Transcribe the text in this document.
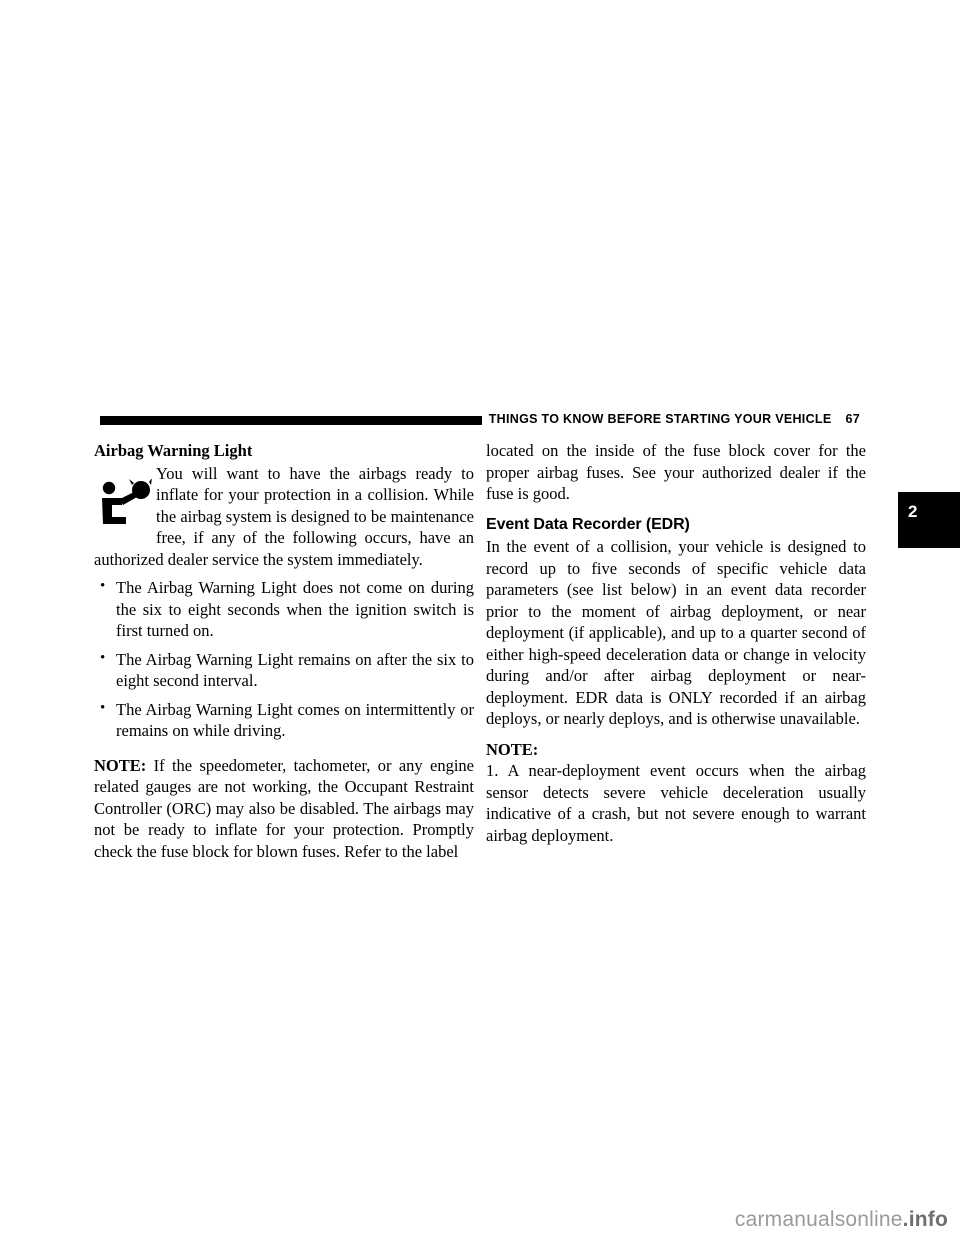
THINGS TO KNOW BEFORE STARTING YOUR VEHICLE 67
2
Airbag Warning Light

You will want to have the airbags ready to inflate for your protection in a collision. While the airbag system is designed to be maintenance free, if any of the following occurs, have an authorized dealer service the system immediately.

• The Airbag Warning Light does not come on during the six to eight seconds when the ignition switch is first turned on.
• The Airbag Warning Light remains on after the six to eight second interval.
• The Airbag Warning Light comes on intermittently or remains on while driving.

NOTE: If the speedometer, tachometer, or any engine related gauges are not working, the Occupant Restraint Controller (ORC) may also be disabled. The airbags may not be ready to inflate for your protection. Promptly check the fuse block for blown fuses. Refer to the label

located on the inside of the fuse block cover for the proper airbag fuses. See your authorized dealer if the fuse is good.

Event Data Recorder (EDR)

In the event of a collision, your vehicle is designed to record up to five seconds of specific vehicle data parameters (see list below) in an event data recorder prior to the moment of airbag deployment, or near deployment (if applicable), and up to a quarter second of either high-speed deceleration data or change in velocity during and/or after airbag deployment or near-deployment. EDR data is ONLY recorded if an airbag deploys, or nearly deploys, and is otherwise unavailable.

NOTE:

1. A near-deployment event occurs when the airbag sensor detects severe vehicle deceleration usually indicative of a crash, but not severe enough to warrant airbag deployment.

carmanualsonline.info
